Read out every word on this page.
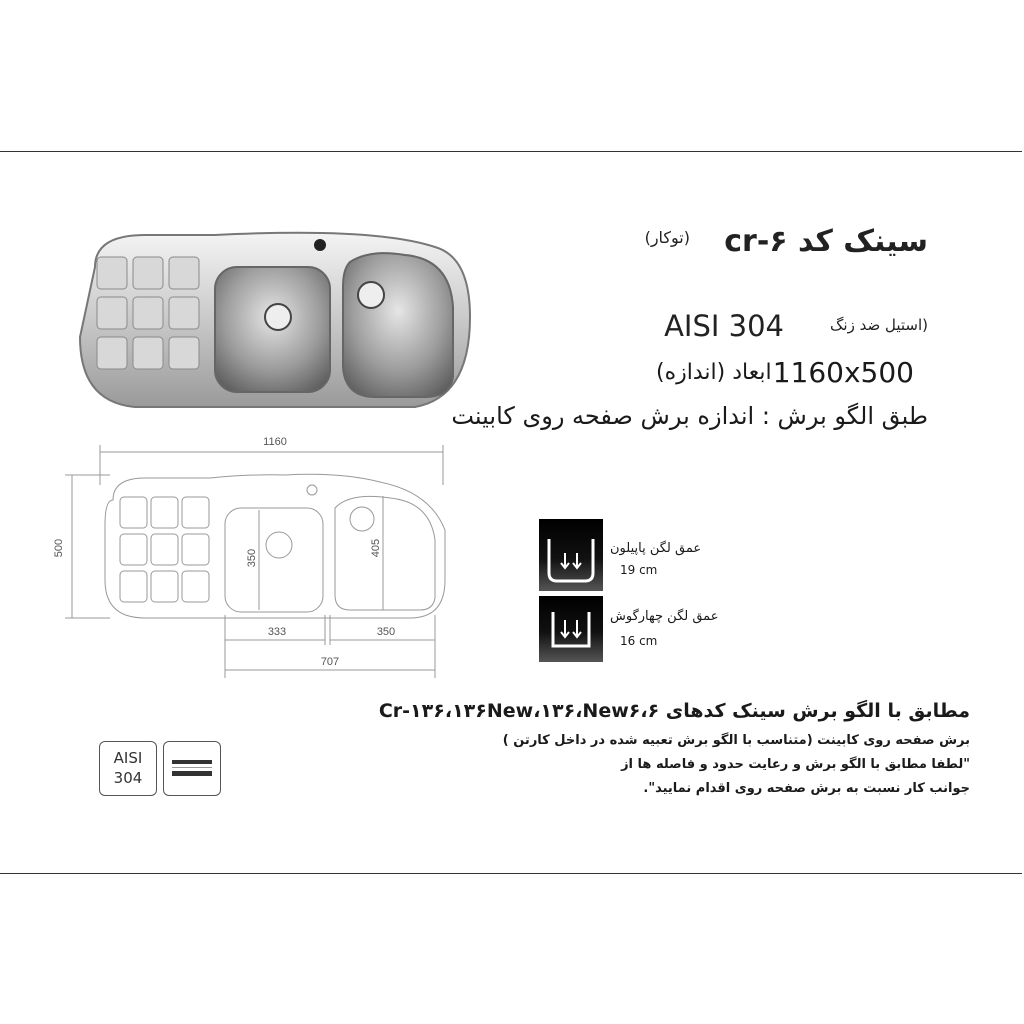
سینک کد cr-۶
(توکار)
AISI 304	(استیل ضد زنگ
1160x500
: ابعاد (اندازه)
طبق الگو برش : اندازه برش صفحه روی کابینت
1160
500
350
405
333	350
707
عمق لگن پاپیلون
19 cm
عمق لگن چهارگوش
16 cm
مطابق با الگو برش سینک کدهای Cr-۱۳۶،۱۳۶New،۱۳۶،New۶،۶
برش صفحه روی کابینت (متناسب با الگو برش تعبیه شده در داخل کارتن )
"لطفا مطابق با الگو برش و رعایت حدود و فاصله ها از
جوانب کار نسبت به برش صفحه روی اقدام نمایید".
AISI
304
